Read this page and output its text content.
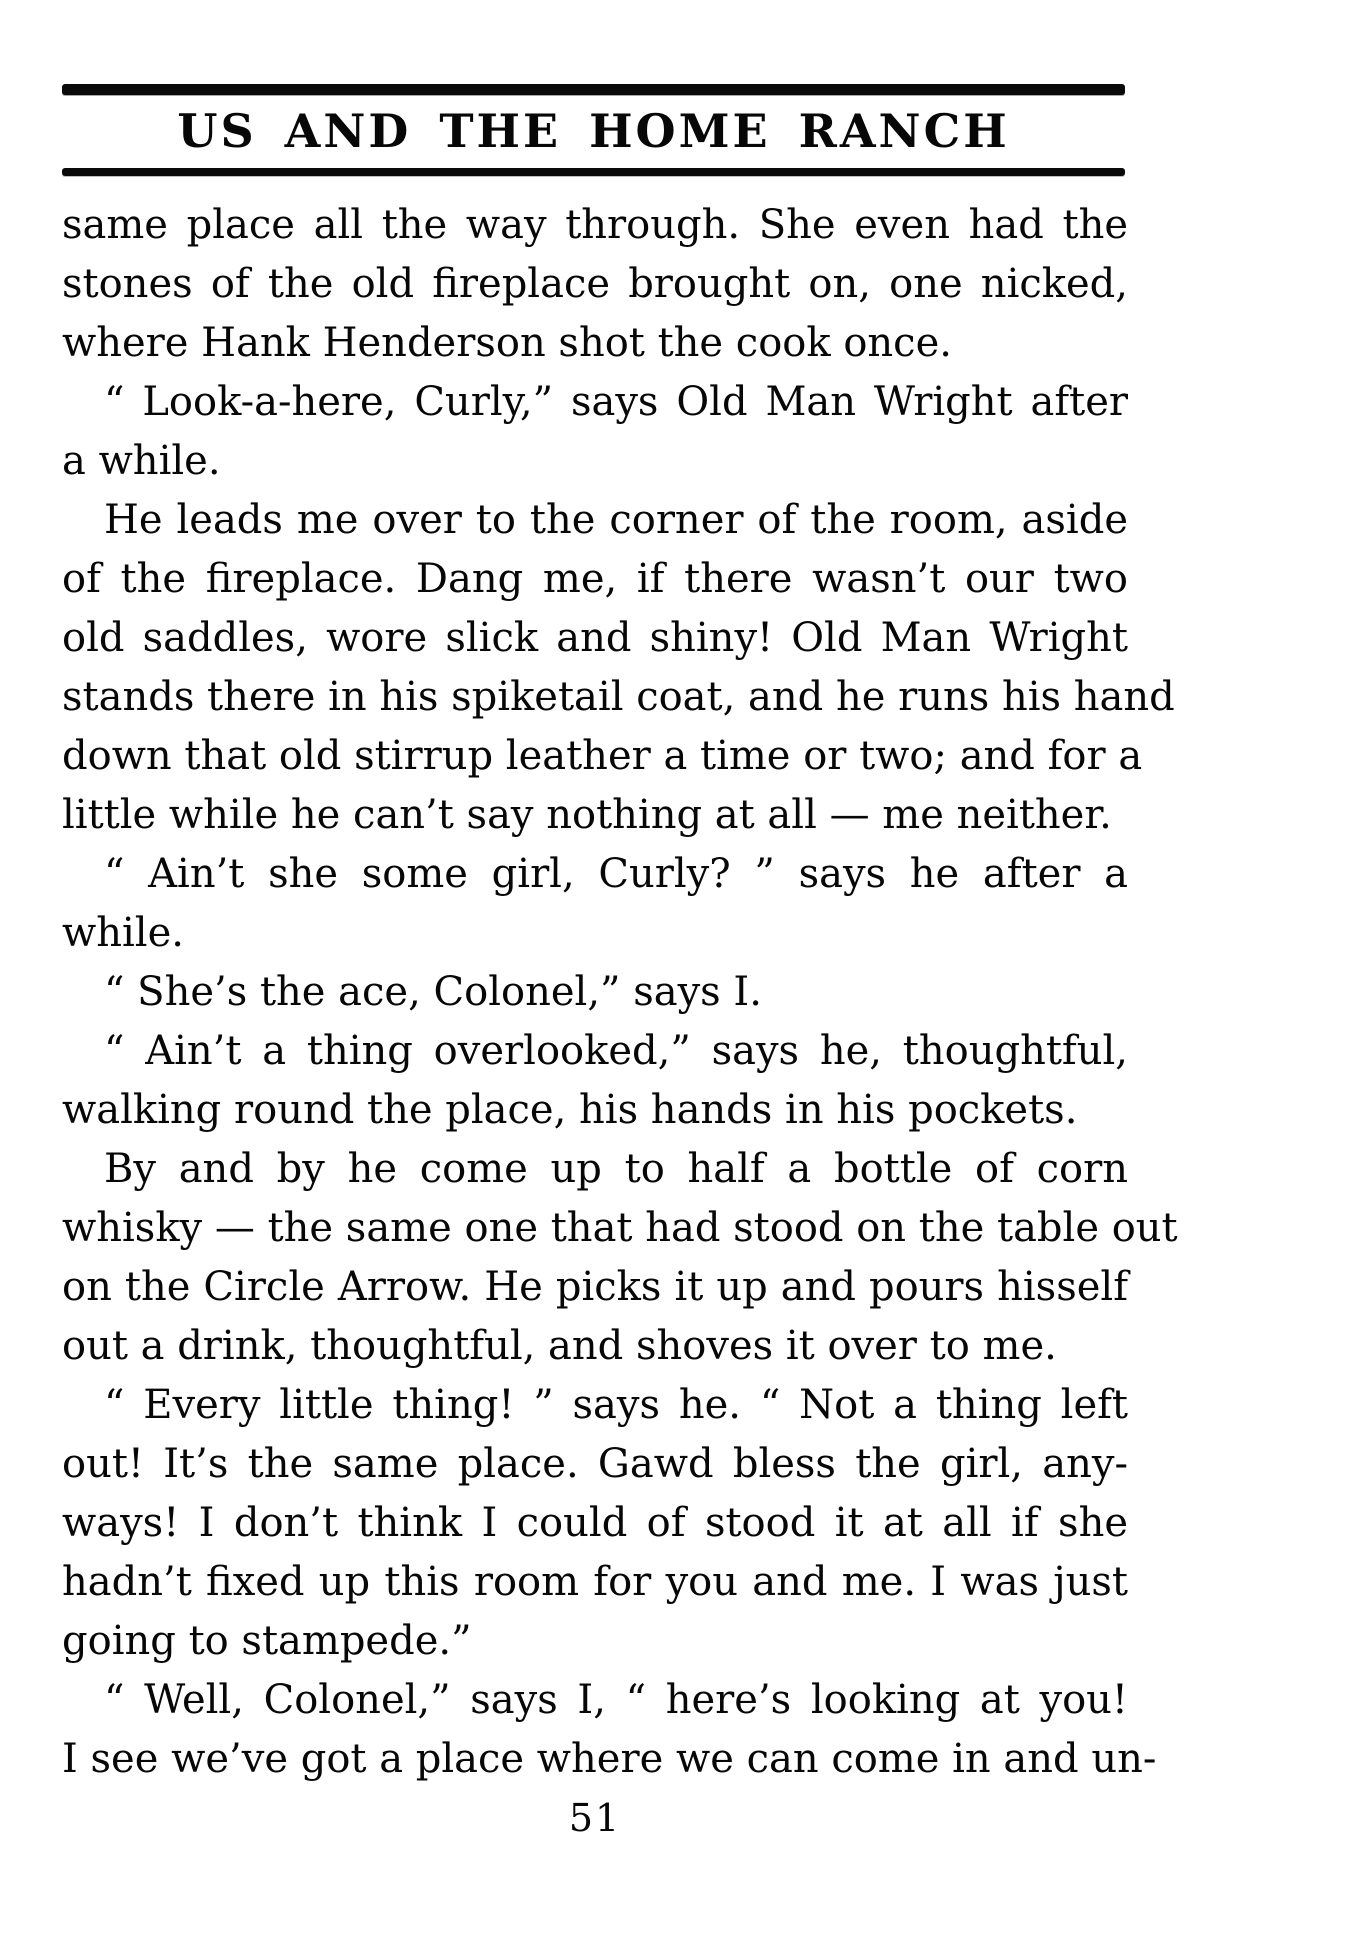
US AND THE HOME RANCH
same place all the way through. She even had the
stones of the old fireplace brought on, one nicked,
where Hank Henderson shot the cook once.
“ Look-a-here, Curly,” says Old Man Wright after
a while.
He leads me over to the corner of the room, aside
of the fireplace. Dang me, if there wasn’t our two
old saddles, wore slick and shiny! Old Man Wright
stands there in his spiketail coat, and he runs his hand
down that old stirrup leather a time or two; and for a
little while he can’t say nothing at all — me neither.
“ Ain’t she some girl, Curly? ” says he after a
while.
“ She’s the ace, Colonel,” says I.
“ Ain’t a thing overlooked,” says he, thoughtful,
walking round the place, his hands in his pockets.
By and by he come up to half a bottle of corn
whisky — the same one that had stood on the table out
on the Circle Arrow. He picks it up and pours hisself
out a drink, thoughtful, and shoves it over to me.
“ Every little thing! ” says he. “ Not a thing left
out! It’s the same place. Gawd bless the girl, any-
ways! I don’t think I could of stood it at all if she
hadn’t fixed up this room for you and me. I was just
going to stampede.”
“ Well, Colonel,” says I, “ here’s looking at you!
I see we’ve got a place where we can come in and un-
51
